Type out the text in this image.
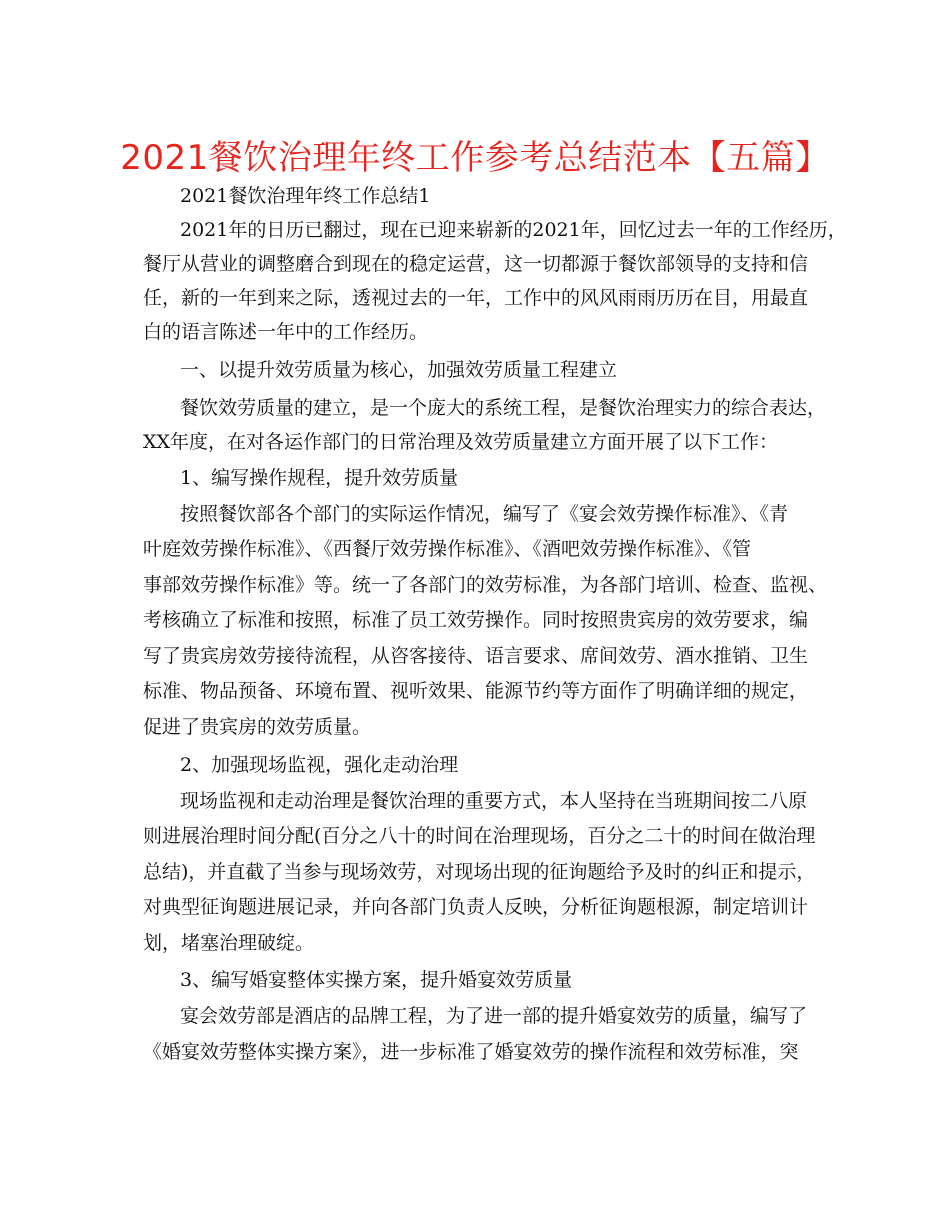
2021餐饮治理年终工作参考总结范本【五篇】
2021餐饮治理年终工作总结1
2021年的日历已翻过，现在已迎来崭新的2021年，回忆过去一年的工作经历，
餐厅从营业的调整磨合到现在的稳定运营，这一切都源于餐饮部领导的支持和信
任，新的一年到来之际，透视过去的一年，工作中的风风雨雨历历在目，用最直
白的语言陈述一年中的工作经历。
一、以提升效劳质量为核心，加强效劳质量工程建立
餐饮效劳质量的建立，是一个庞大的系统工程，是餐饮治理实力的综合表达，
XX年度，在对各运作部门的日常治理及效劳质量建立方面开展了以下工作：
1、编写操作规程，提升效劳质量
按照餐饮部各个部门的实际运作情况，编写了《宴会效劳操作标准》、《青
叶庭效劳操作标准》、《西餐厅效劳操作标准》、《酒吧效劳操作标准》、《管
事部效劳操作标准》等。统一了各部门的效劳标准，为各部门培训、检查、监视、
考核确立了标准和按照，标准了员工效劳操作。同时按照贵宾房的效劳要求，编
写了贵宾房效劳接待流程，从咨客接待、语言要求、席间效劳、酒水推销、卫生
标准、物品预备、环境布置、视听效果、能源节约等方面作了明确详细的规定，
促进了贵宾房的效劳质量。
2、加强现场监视，强化走动治理
现场监视和走动治理是餐饮治理的重要方式，本人坚持在当班期间按二八原
则进展治理时间分配(百分之八十的时间在治理现场，百分之二十的时间在做治理
总结)，并直截了当参与现场效劳，对现场出现的征询题给予及时的纠正和提示，
对典型征询题进展记录，并向各部门负责人反映，分析征询题根源，制定培训计
划，堵塞治理破绽。
3、编写婚宴整体实操方案，提升婚宴效劳质量
宴会效劳部是酒店的品牌工程，为了进一部的提升婚宴效劳的质量，编写了
《婚宴效劳整体实操方案》，进一步标准了婚宴效劳的操作流程和效劳标准，突
